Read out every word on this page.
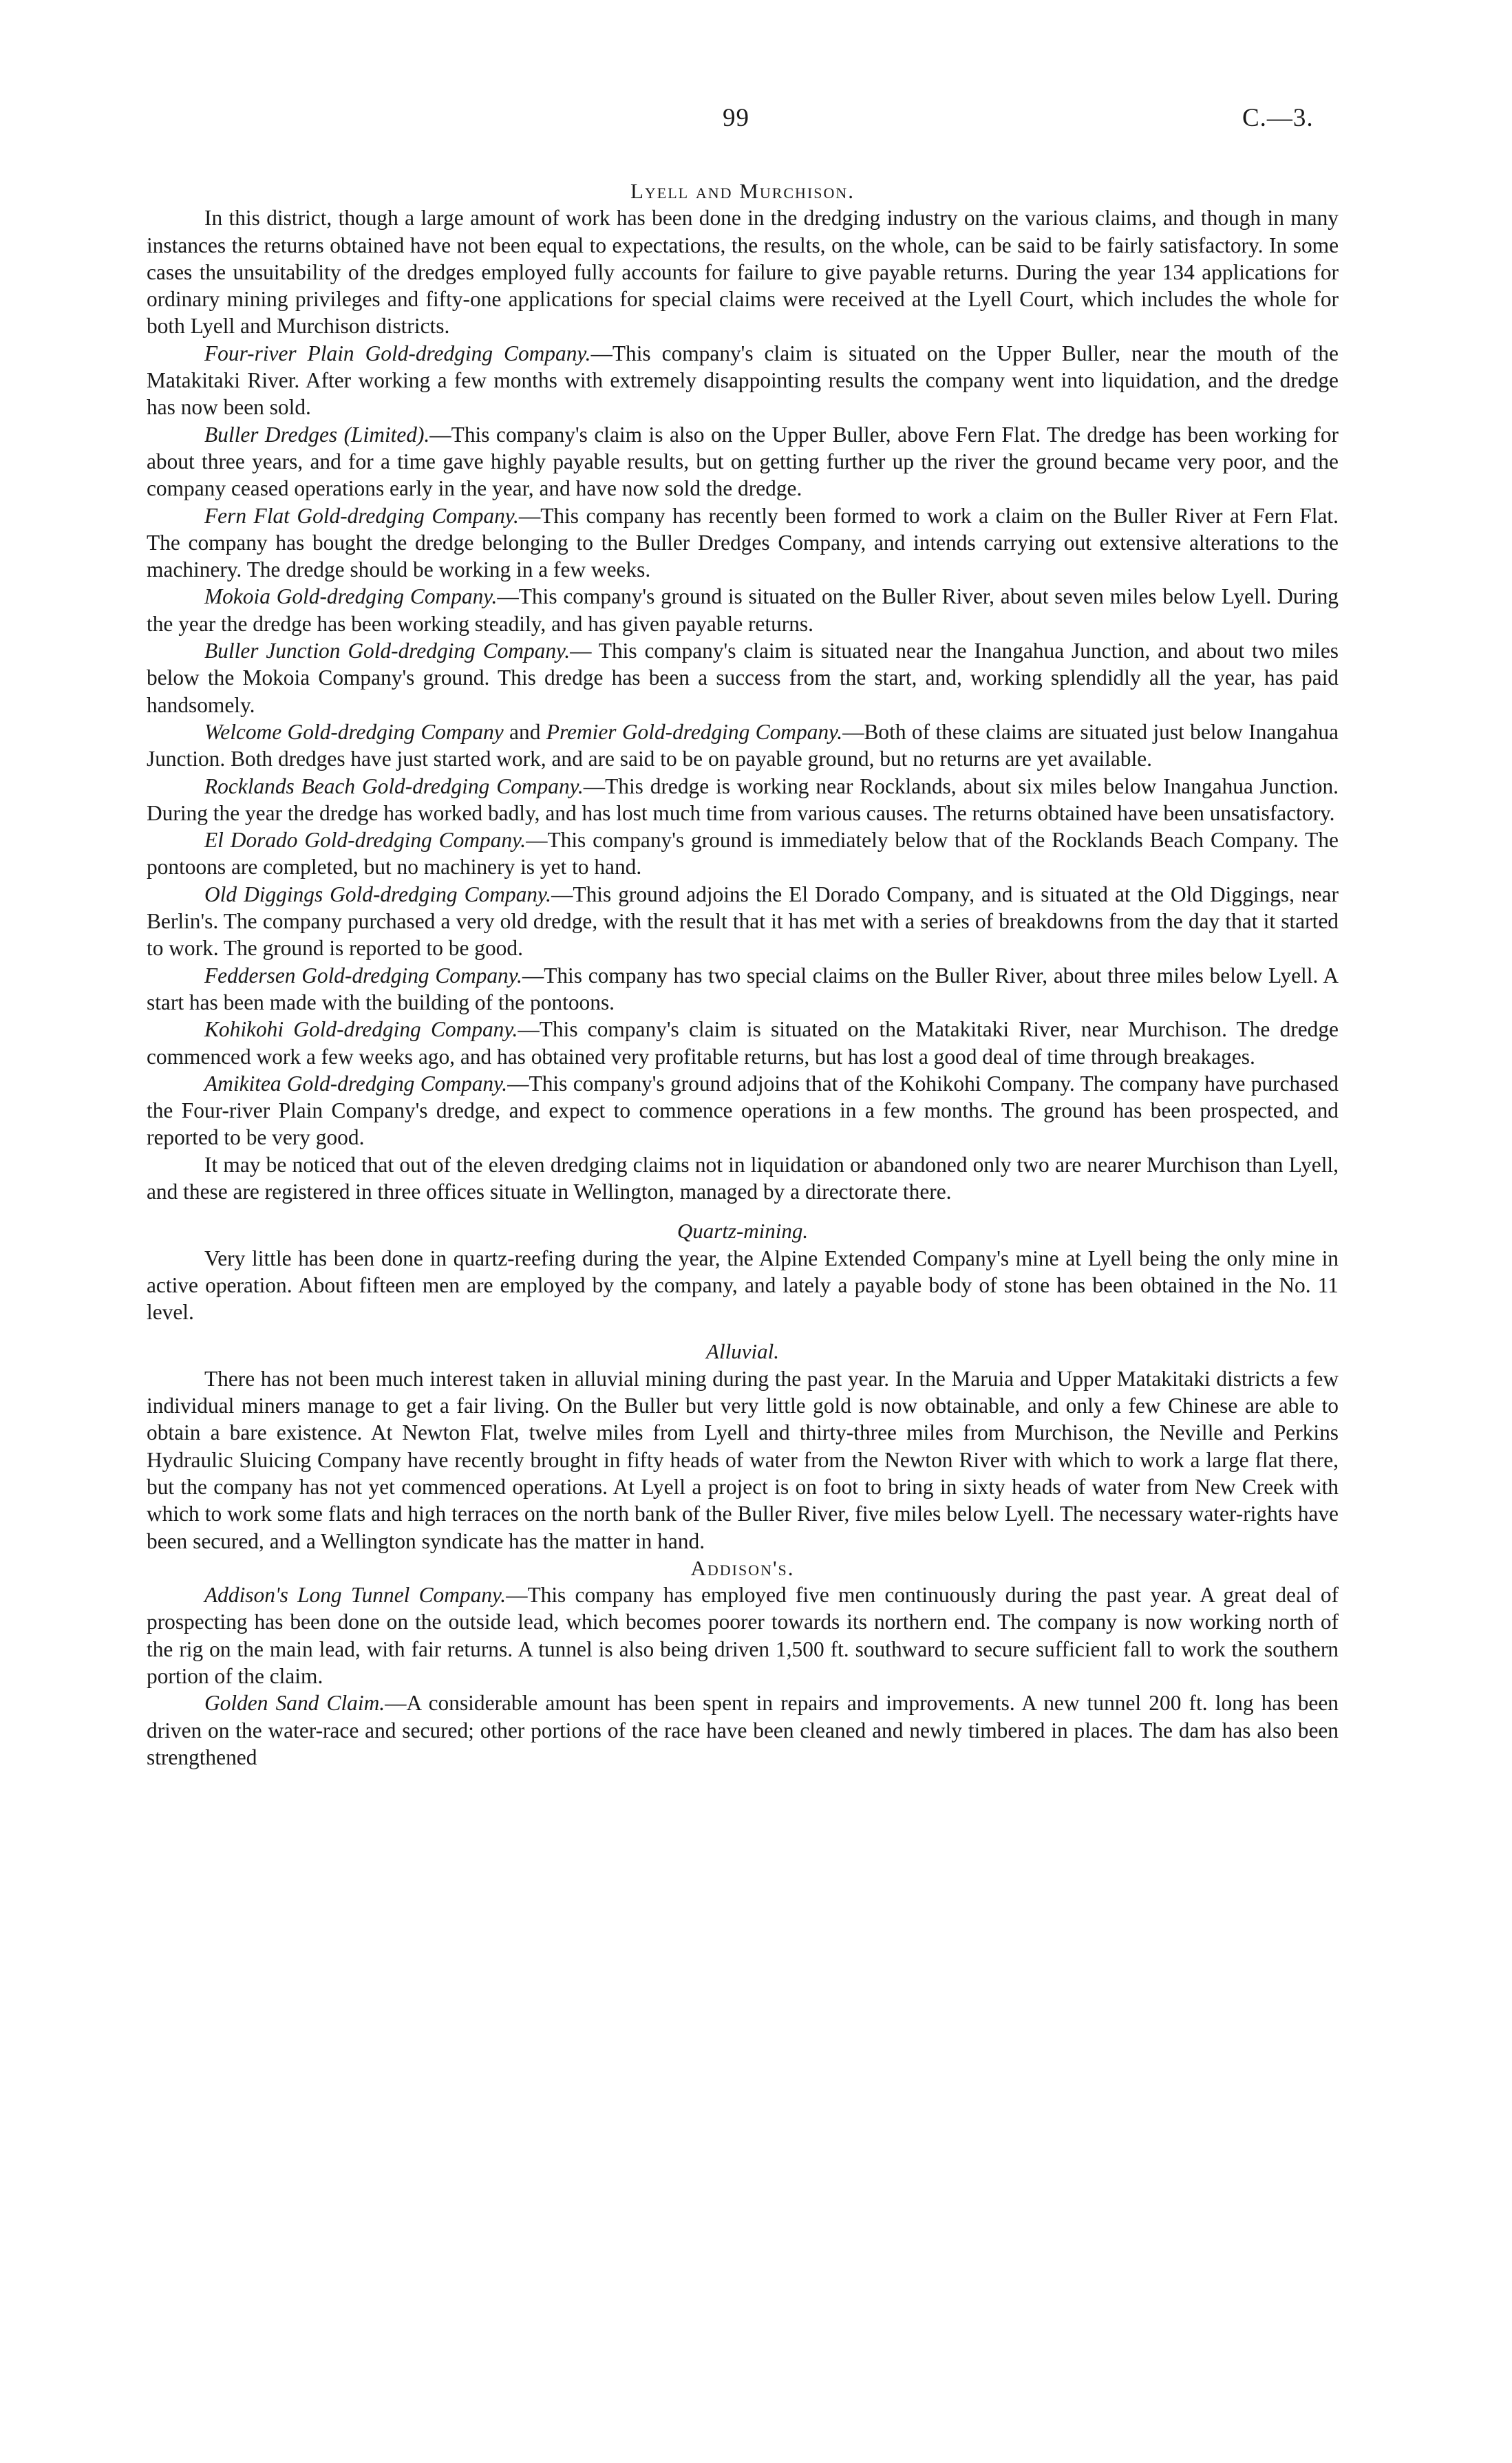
99	C.—3.
Lyell and Murchison.

In this district, though a large amount of work has been done in the dredging industry on the various claims, and though in many instances the returns obtained have not been equal to expectations, the results, on the whole, can be said to be fairly satisfactory. In some cases the unsuitability of the dredges employed fully accounts for failure to give payable returns. During the year 134 applications for ordinary mining privileges and fifty-one applications for special claims were received at the Lyell Court, which includes the whole for both Lyell and Murchison districts.

Four-river Plain Gold-dredging Company.—This company's claim is situated on the Upper Buller, near the mouth of the Matakitaki River. After working a few months with extremely disappointing results the company went into liquidation, and the dredge has now been sold.

Buller Dredges (Limited).—This company's claim is also on the Upper Buller, above Fern Flat. The dredge has been working for about three years, and for a time gave highly payable results, but on getting further up the river the ground became very poor, and the company ceased operations early in the year, and have now sold the dredge.

Fern Flat Gold-dredging Company.—This company has recently been formed to work a claim on the Buller River at Fern Flat. The company has bought the dredge belonging to the Buller Dredges Company, and intends carrying out extensive alterations to the machinery. The dredge should be working in a few weeks.

Mokoia Gold-dredging Company.—This company's ground is situated on the Buller River, about seven miles below Lyell. During the year the dredge has been working steadily, and has given payable returns.

Buller Junction Gold-dredging Company.— This company's claim is situated near the Inangahua Junction, and about two miles below the Mokoia Company's ground. This dredge has been a success from the start, and, working splendidly all the year, has paid handsomely.

Welcome Gold-dredging Company and Premier Gold-dredging Company.—Both of these claims are situated just below Inangahua Junction. Both dredges have just started work, and are said to be on payable ground, but no returns are yet available.

Rocklands Beach Gold-dredging Company.—This dredge is working near Rocklands, about six miles below Inangahua Junction. During the year the dredge has worked badly, and has lost much time from various causes. The returns obtained have been unsatisfactory.

El Dorado Gold-dredging Company.—This company's ground is immediately below that of the Rocklands Beach Company. The pontoons are completed, but no machinery is yet to hand.

Old Diggings Gold-dredging Company.—This ground adjoins the El Dorado Company, and is situated at the Old Diggings, near Berlin's. The company purchased a very old dredge, with the result that it has met with a series of breakdowns from the day that it started to work. The ground is reported to be good.

Feddersen Gold-dredging Company.—This company has two special claims on the Buller River, about three miles below Lyell. A start has been made with the building of the pontoons.

Kohikohi Gold-dredging Company.—This company's claim is situated on the Matakitaki River, near Murchison. The dredge commenced work a few weeks ago, and has obtained very profitable returns, but has lost a good deal of time through breakages.

Amikitea Gold-dredging Company.—This company's ground adjoins that of the Kohikohi Company. The company have purchased the Four-river Plain Company's dredge, and expect to commence operations in a few months. The ground has been prospected, and reported to be very good.

It may be noticed that out of the eleven dredging claims not in liquidation or abandoned only two are nearer Murchison than Lyell, and these are registered in three offices situate in Wellington, managed by a directorate there.

Quartz-mining.

Very little has been done in quartz-reefing during the year, the Alpine Extended Company's mine at Lyell being the only mine in active operation. About fifteen men are employed by the company, and lately a payable body of stone has been obtained in the No. 11 level.

Alluvial.

There has not been much interest taken in alluvial mining during the past year. In the Maruia and Upper Matakitaki districts a few individual miners manage to get a fair living. On the Buller but very little gold is now obtainable, and only a few Chinese are able to obtain a bare existence. At Newton Flat, twelve miles from Lyell and thirty-three miles from Murchison, the Neville and Perkins Hydraulic Sluicing Company have recently brought in fifty heads of water from the Newton River with which to work a large flat there, but the company has not yet commenced operations. At Lyell a project is on foot to bring in sixty heads of water from New Creek with which to work some flats and high terraces on the north bank of the Buller River, five miles below Lyell. The necessary water-rights have been secured, and a Wellington syndicate has the matter in hand.

Addison's.

Addison's Long Tunnel Company.—This company has employed five men continuously during the past year. A great deal of prospecting has been done on the outside lead, which becomes poorer towards its northern end. The company is now working north of the rig on the main lead, with fair returns. A tunnel is also being driven 1,500 ft. southward to secure sufficient fall to work the southern portion of the claim.

Golden Sand Claim.—A considerable amount has been spent in repairs and improvements. A new tunnel 200 ft. long has been driven on the water-race and secured; other portions of the race have been cleaned and newly timbered in places. The dam has also been strengthened
